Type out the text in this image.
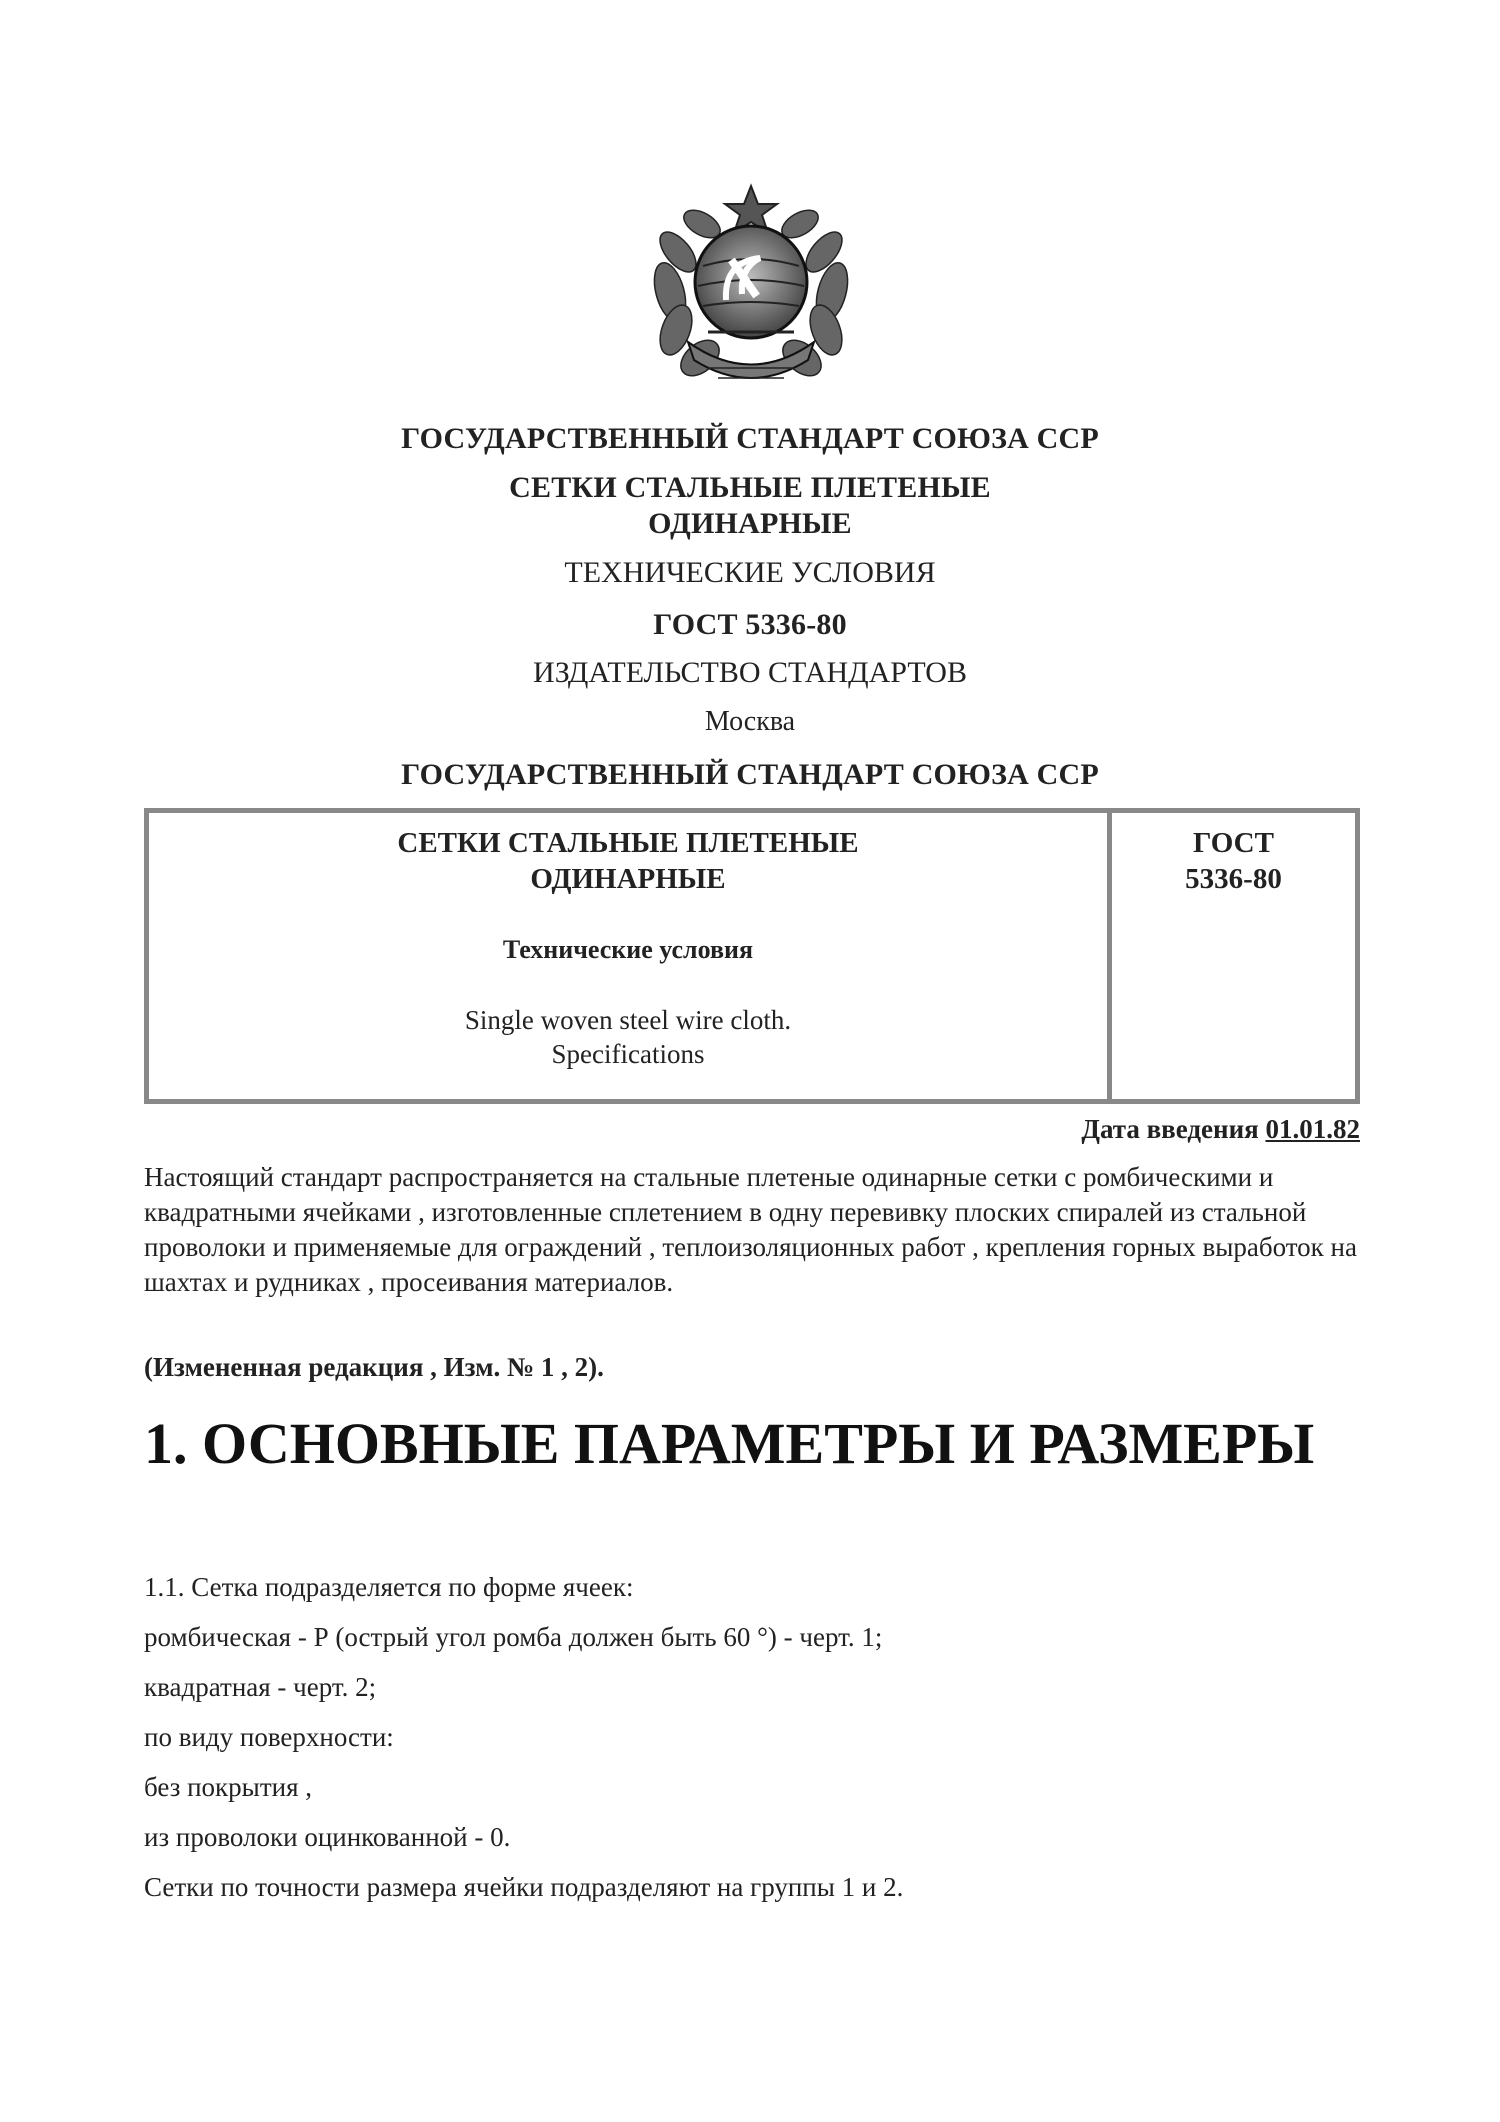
ГОСУДАРСТВЕННЫЙ СТАНДАРТ СОЮЗА ССР
СЕТКИ СТАЛЬНЫЕ ПЛЕТЕНЫЕ
ОДИНАРНЫЕ
ТЕХНИЧЕСКИЕ УСЛОВИЯ
ГОСТ 5336-80
ИЗДАТЕЛЬСТВО СТАНДАРТОВ
Москва
ГОСУДАРСТВЕННЫЙ СТАНДАРТ СОЮЗА ССР
СЕТКИ СТАЛЬНЫЕ ПЛЕТЕНЫЕ
ОДИНАРНЫЕ
Технические условия
Single woven steel wire cloth.
Specifications
ГОСТ
5336-80
Дата введения 01.01.82
Настоящий стандарт распространяется на стальные плетеные одинарные сетки с ромбическими и квадратными ячейками , изготовленные сплетением в одну перевивку плоских спиралей из стальной проволоки и применяемые для ограждений , теплоизоляционных работ , крепления горных выработок на шахтах и рудниках , просеивания материалов.
(Измененная редакция , Изм. № 1 , 2).
1. ОСНОВНЫЕ ПАРАМЕТРЫ И РАЗМЕРЫ
1.1. Сетка подразделяется по форме ячеек:
ромбическая - Р (острый угол ромба должен быть 60 °) - черт. 1;
квадратная - черт. 2;
по виду поверхности:
без покрытия ,
из проволоки оцинкованной - 0.
Сетки по точности размера ячейки подразделяют на группы 1 и 2.
